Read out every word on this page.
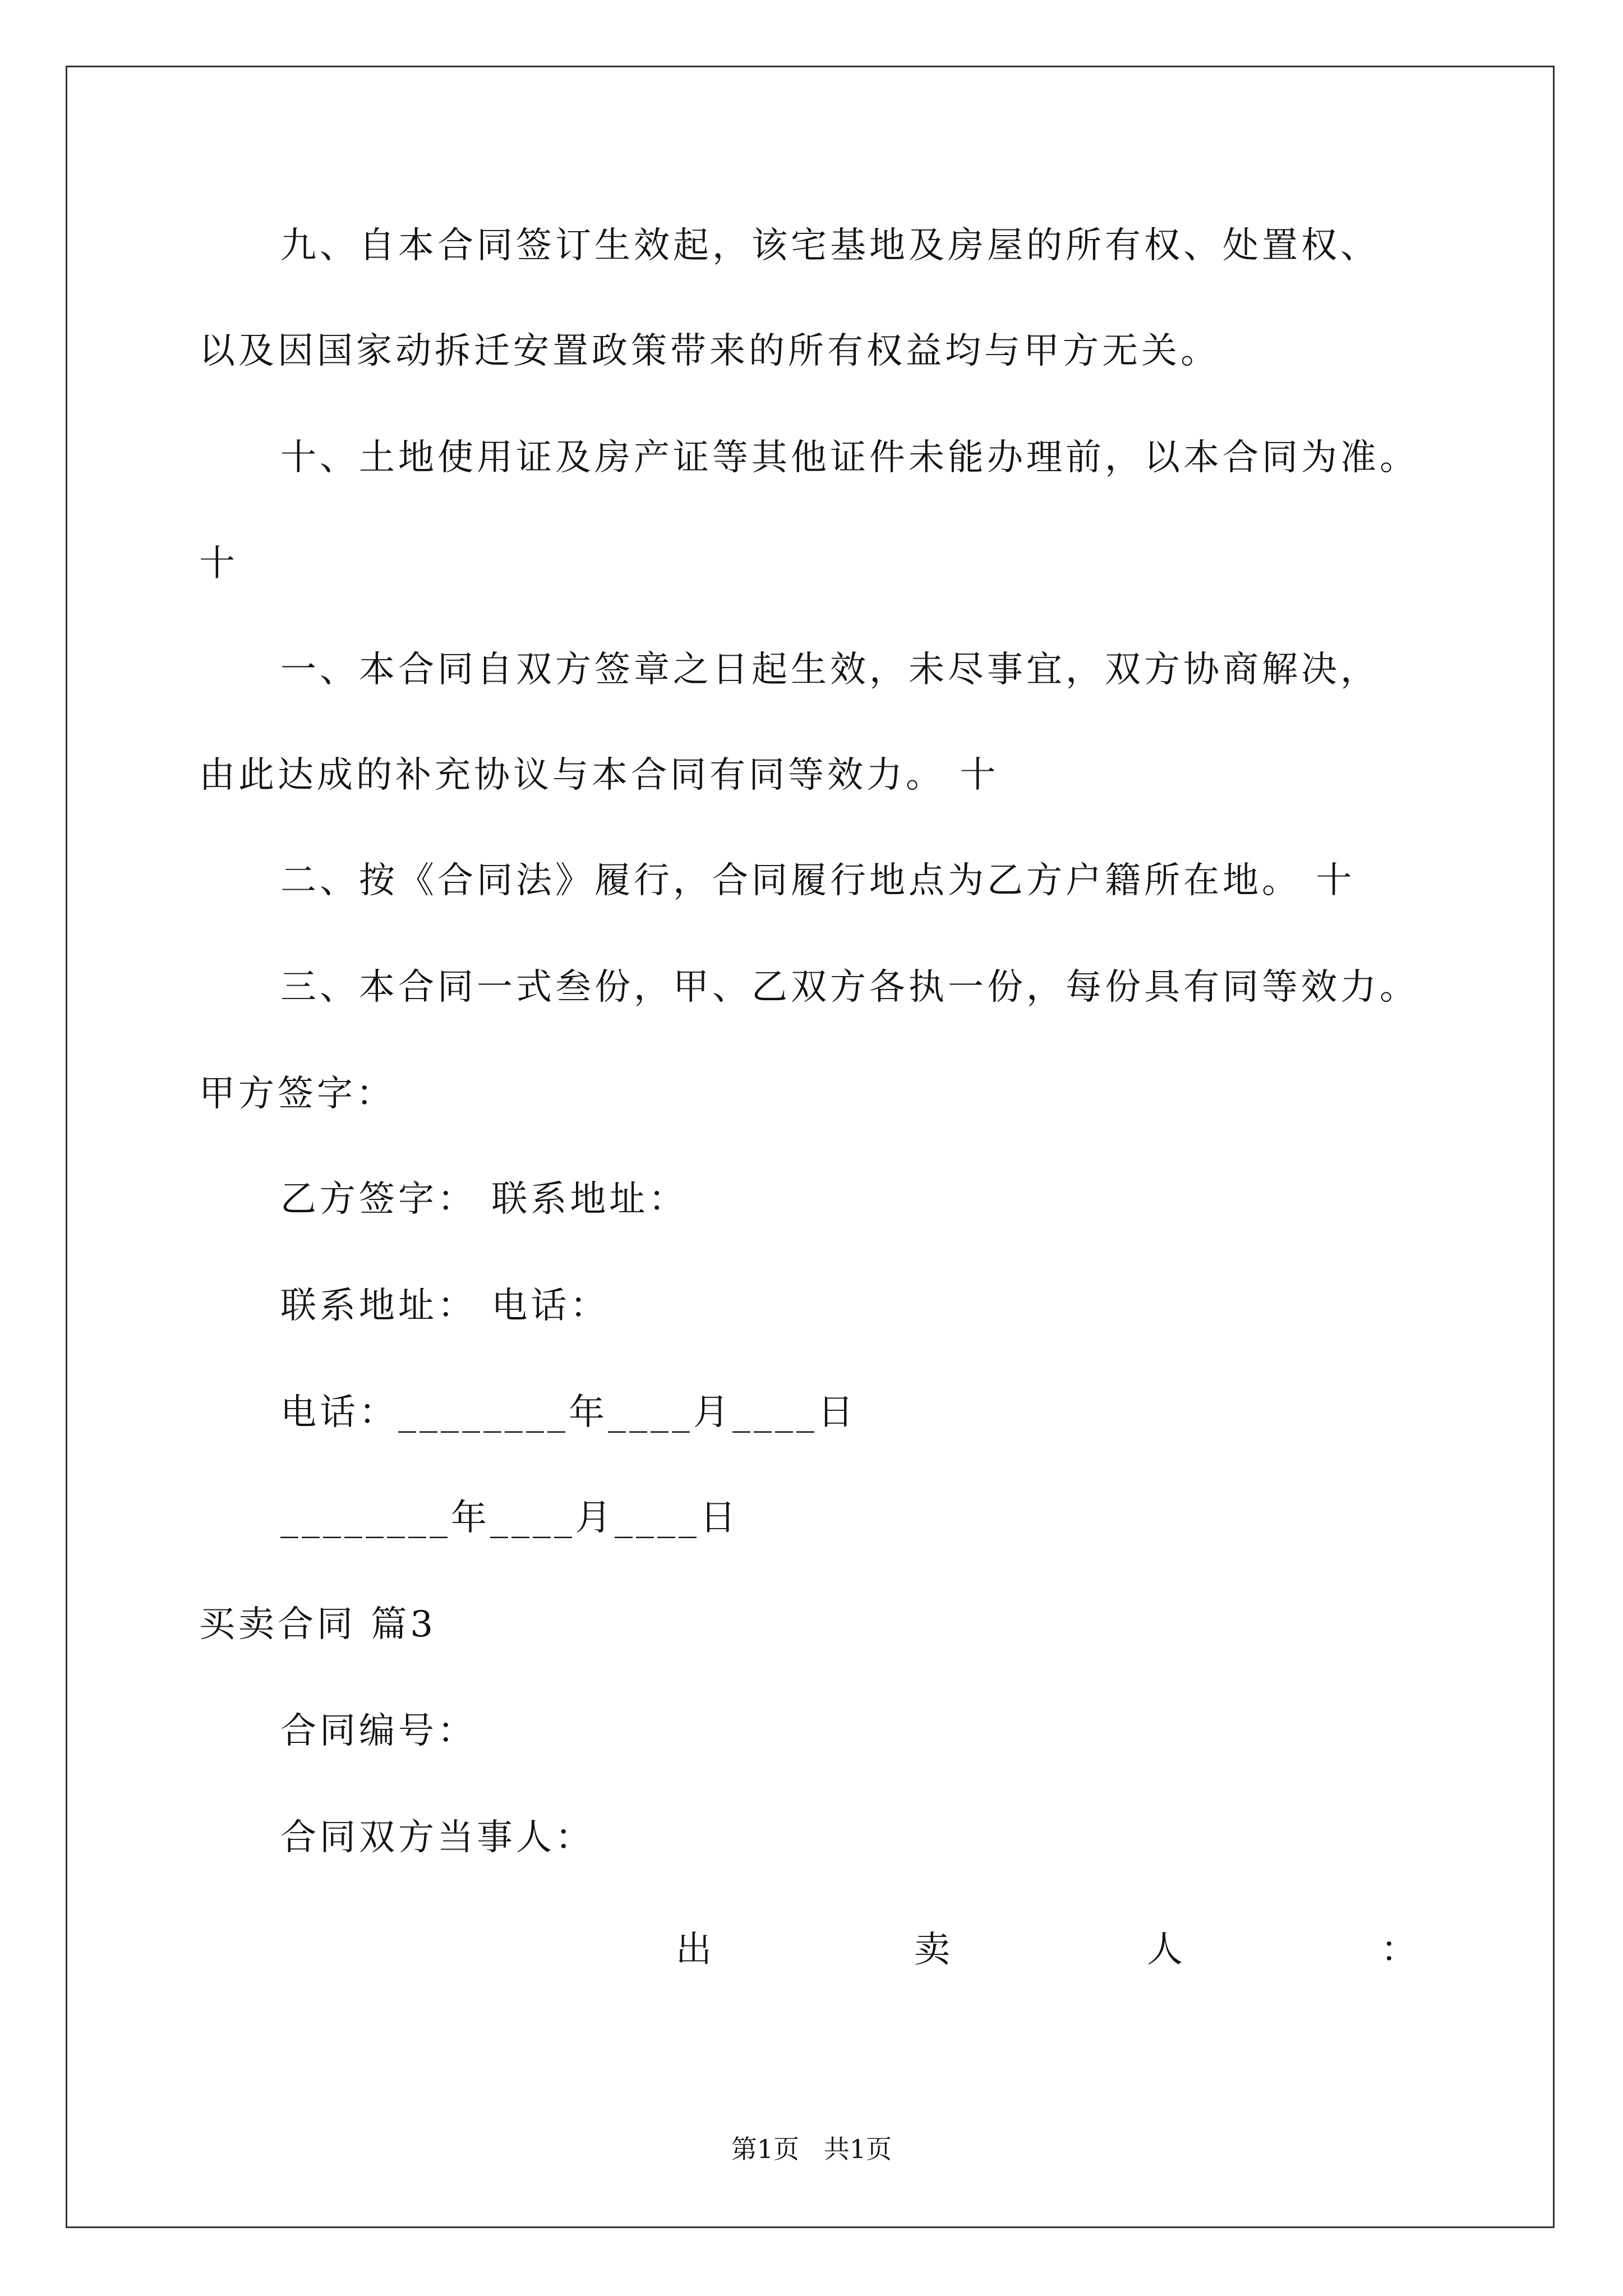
九、自本合同签订生效起，该宅基地及房屋的所有权、处置权、
以及因国家动拆迁安置政策带来的所有权益均与甲方无关。
十、土地使用证及房产证等其他证件未能办理前，以本合同为准。
十
一、本合同自双方签章之日起生效，未尽事宜，双方协商解决，
由此达成的补充协议与本合同有同等效力。 十
二、按《合同法》履行，合同履行地点为乙方户籍所在地。 十
三、本合同一式叁份，甲、乙双方各执一份，每份具有同等效力。
甲方签字：
乙方签字： 联系地址：
联系地址： 电话：
电话：________年____月____日
________年____月____日
买卖合同 篇3
合同编号：
合同双方当事人：
出	卖	人	：
第1页   共1页
